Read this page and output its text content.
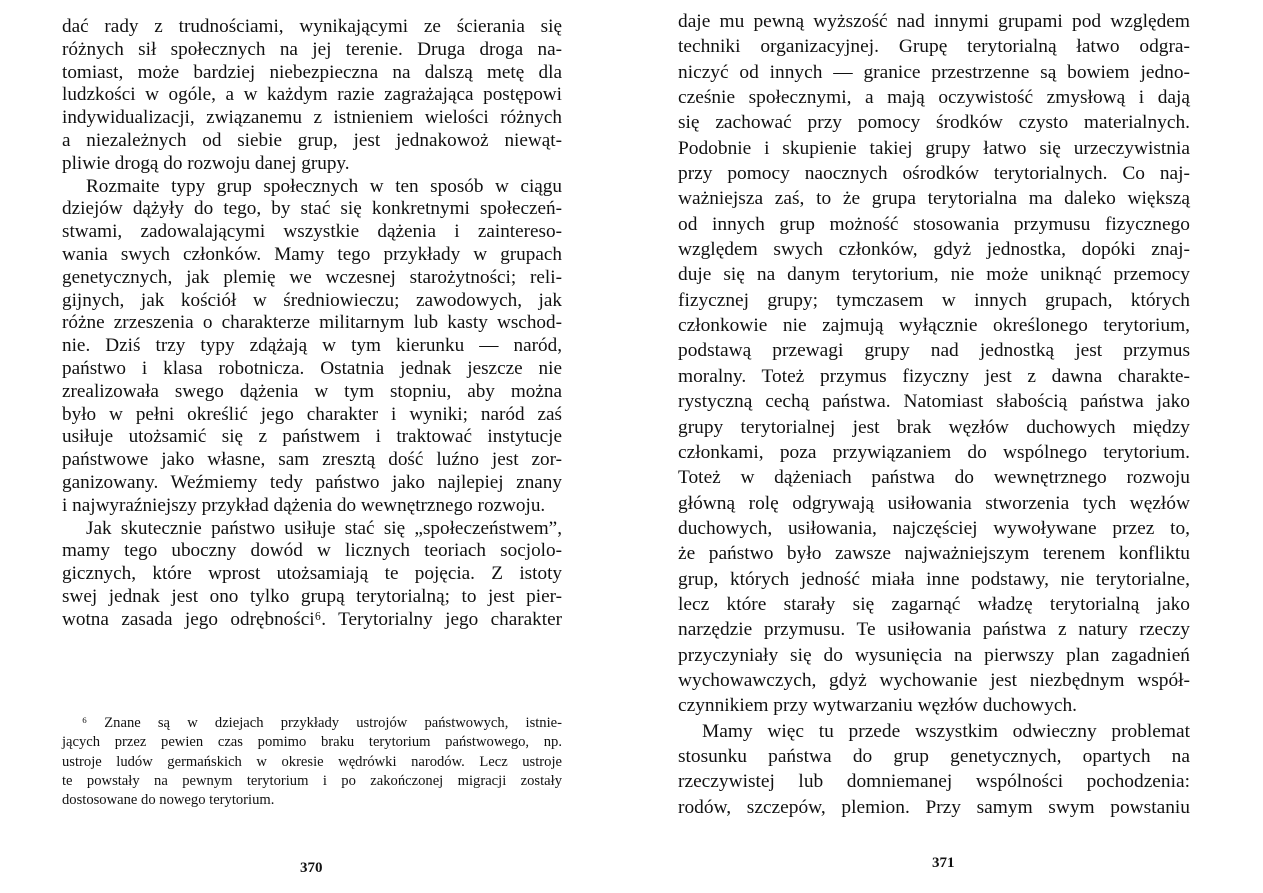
dać rady z trudnościami, wynikającymi ze ścierania się
różnych sił społecznych na jej terenie. Druga droga na-
tomiast, może bardziej niebezpieczna na dalszą metę dla
ludzkości w ogóle, a w każdym razie zagrażająca postępowi
indywidualizacji, związanemu z istnieniem wielości różnych
a niezależnych od siebie grup, jest jednakowoż niewąt-
pliwie drogą do rozwoju danej grupy.
Rozmaite typy grup społecznych w ten sposób w ciągu
dziejów dążyły do tego, by stać się konkretnymi społeczeń-
stwami, zadowalającymi wszystkie dążenia i zaintereso-
wania swych członków. Mamy tego przykłady w grupach
genetycznych, jak plemię we wczesnej starożytności; reli-
gijnych, jak kościół w średniowieczu; zawodowych, jak
różne zrzeszenia o charakterze militarnym lub kasty wschod-
nie. Dziś trzy typy zdążają w tym kierunku — naród,
państwo i klasa robotnicza. Ostatnia jednak jeszcze nie
zrealizowała swego dążenia w tym stopniu, aby można
było w pełni określić jego charakter i wyniki; naród zaś
usiłuje utożsamić się z państwem i traktować instytucje
państwowe jako własne, sam zresztą dość luźno jest zor-
ganizowany. Weźmiemy tedy państwo jako najlepiej znany
i najwyraźniejszy przykład dążenia do wewnętrznego rozwoju.
Jak skutecznie państwo usiłuje stać się „społeczeństwem”,
mamy tego uboczny dowód w licznych teoriach socjolo-
gicznych, które wprost utożsamiają te pojęcia. Z istoty
swej jednak jest ono tylko grupą terytorialną; to jest pier-
wotna zasada jego odrębności⁶. Terytorialny jego charakter
⁶ Znane są w dziejach przykłady ustrojów państwowych, istnie-
jących przez pewien czas pomimo braku terytorium państwowego, np.
ustroje ludów germańskich w okresie wędrówki narodów. Lecz ustroje
te powstały na pewnym terytorium i po zakończonej migracji zostały
dostosowane do nowego terytorium.
370
daje mu pewną wyższość nad innymi grupami pod względem
techniki organizacyjnej. Grupę terytorialną łatwo odgra-
niczyć od innych — granice przestrzenne są bowiem jedno-
cześnie społecznymi, a mają oczywistość zmysłową i dają
się zachować przy pomocy środków czysto materialnych.
Podobnie i skupienie takiej grupy łatwo się urzeczywistnia
przy pomocy naocznych ośrodków terytorialnych. Co naj-
ważniejsza zaś, to że grupa terytorialna ma daleko większą
od innych grup możność stosowania przymusu fizycznego
względem swych członków, gdyż jednostka, dopóki znaj-
duje się na danym terytorium, nie może uniknąć przemocy
fizycznej grupy; tymczasem w innych grupach, których
członkowie nie zajmują wyłącznie określonego terytorium,
podstawą przewagi grupy nad jednostką jest przymus
moralny. Toteż przymus fizyczny jest z dawna charakte-
rystyczną cechą państwa. Natomiast słabością państwa jako
grupy terytorialnej jest brak węzłów duchowych między
członkami, poza przywiązaniem do wspólnego terytorium.
Toteż w dążeniach państwa do wewnętrznego rozwoju
główną rolę odgrywają usiłowania stworzenia tych węzłów
duchowych, usiłowania, najczęściej wywoływane przez to,
że państwo było zawsze najważniejszym terenem konfliktu
grup, których jedność miała inne podstawy, nie terytorialne,
lecz które starały się zagarnąć władzę terytorialną jako
narzędzie przymusu. Te usiłowania państwa z natury rzeczy
przyczyniały się do wysunięcia na pierwszy plan zagadnień
wychowawczych, gdyż wychowanie jest niezbędnym współ-
czynnikiem przy wytwarzaniu węzłów duchowych.
Mamy więc tu przede wszystkim odwieczny problemat
stosunku państwa do grup genetycznych, opartych na
rzeczywistej lub domniemanej wspólności pochodzenia:
rodów, szczepów, plemion. Przy samym swym powstaniu
371
